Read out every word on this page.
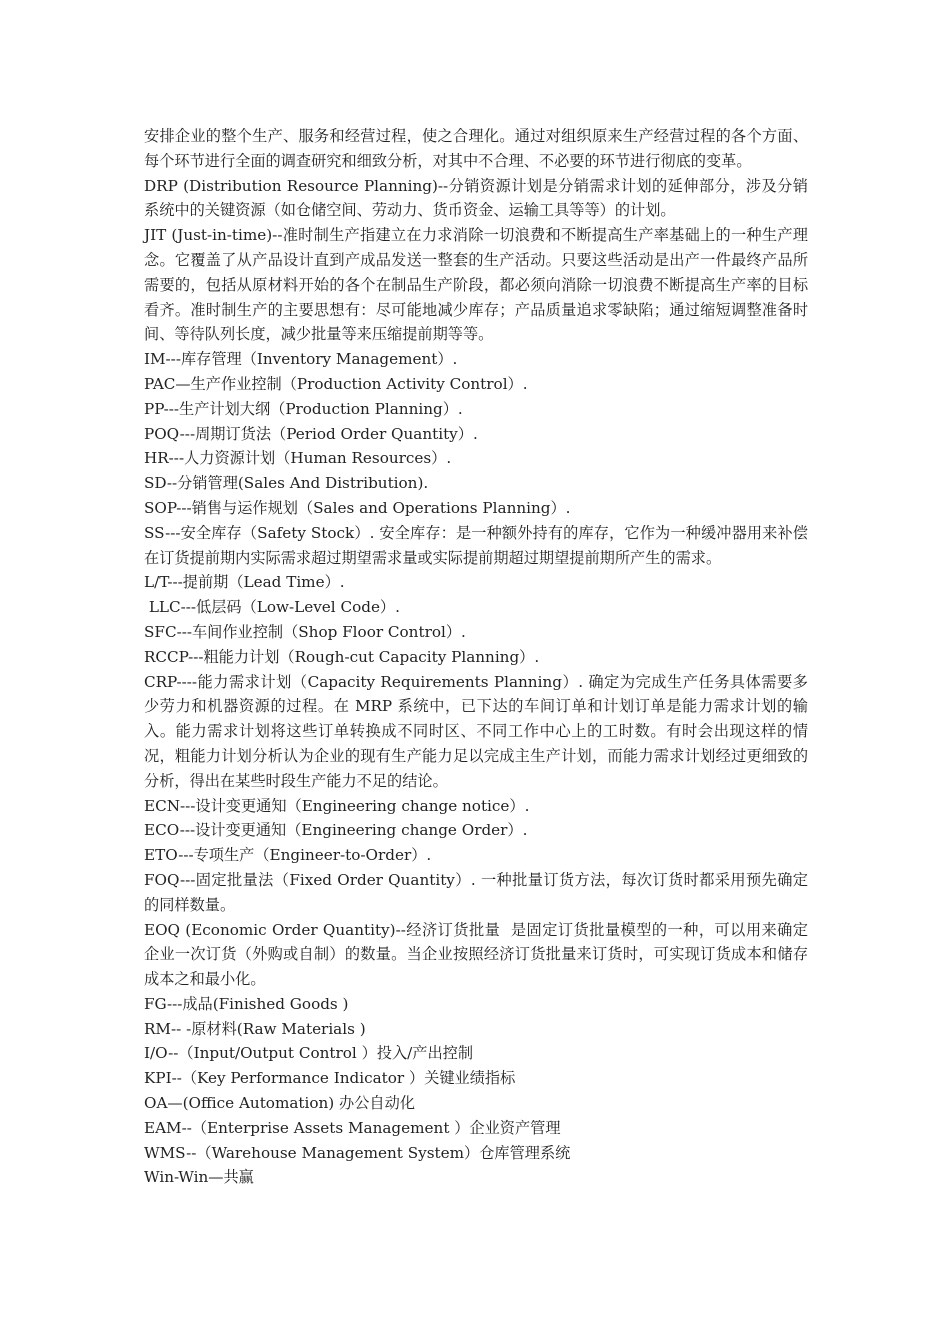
安排企业的整个生产、服务和经营过程，使之合理化。通过对组织原来生产经营过程的各个方面、每个环节进行全面的调查研究和细致分析，对其中不合理、不必要的环节进行彻底的变革。

DRP (Distribution Resource Planning)--分销资源计划是分销需求计划的延伸部分，涉及分销系统中的关键资源（如仓储空间、劳动力、货币资金、运输工具等等）的计划。

JIT (Just-in-time)--准时制生产指建立在力求消除一切浪费和不断提高生产率基础上的一种生产理念。它覆盖了从产品设计直到产成品发送一整套的生产活动。只要这些活动是出产一件最终产品所需要的，包括从原材料开始的各个在制品生产阶段，都必须向消除一切浪费不断提高生产率的目标看齐。准时制生产的主要思想有：尽可能地减少库存；产品质量追求零缺陷；通过缩短调整准备时间、等待队列长度，减少批量等来压缩提前期等等。

IM---库存管理（Inventory Management）.

PAC—生产作业控制（Production Activity Control）.

PP---生产计划大纲（Production Planning）.

POQ---周期订货法（Period Order Quantity）.

HR---人力资源计划（Human Resources）.

SD--分销管理(Sales And Distribution).

SOP---销售与运作规划（Sales and Operations Planning）.

SS---安全库存（Safety Stock）. 安全库存：是一种额外持有的库存，它作为一种缓冲器用来补偿在订货提前期内实际需求超过期望需求量或实际提前期超过期望提前期所产生的需求。

L/T---提前期（Lead Time）.

LLC---低层码（Low-Level Code）.

SFC---车间作业控制（Shop Floor Control）.

RCCP---粗能力计划（Rough-cut Capacity Planning）.

CRP----能力需求计划（Capacity Requirements Planning）. 确定为完成生产任务具体需要多少劳力和机器资源的过程。在 MRP 系统中，已下达的车间订单和计划订单是能力需求计划的输入。能力需求计划将这些订单转换成不同时区、不同工作中心上的工时数。有时会出现这样的情况，粗能力计划分析认为企业的现有生产能力足以完成主生产计划，而能力需求计划经过更细致的分析，得出在某些时段生产能力不足的结论。

ECN---设计变更通知（Engineering change notice）.

ECO---设计变更通知（Engineering change Order）.

ETO---专项生产（Engineer-to-Order）.

FOQ---固定批量法（Fixed Order Quantity）. 一种批量订货方法，每次订货时都采用预先确定的同样数量。

EOQ (Economic Order Quantity)--经济订货批量  是固定订货批量模型的一种，可以用来确定企业一次订货（外购或自制）的数量。当企业按照经济订货批量来订货时，可实现订货成本和储存成本之和最小化。

FG---成品(Finished Goods )

RM-- -原材料(Raw Materials )

I/O--（Input/Output Control ）投入/产出控制

KPI--（Key Performance Indicator ）关键业绩指标

OA—(Office Automation) 办公自动化

EAM--（Enterprise Assets Management ）企业资产管理

WMS--（Warehouse Management System）仓库管理系统

Win-Win—共赢
